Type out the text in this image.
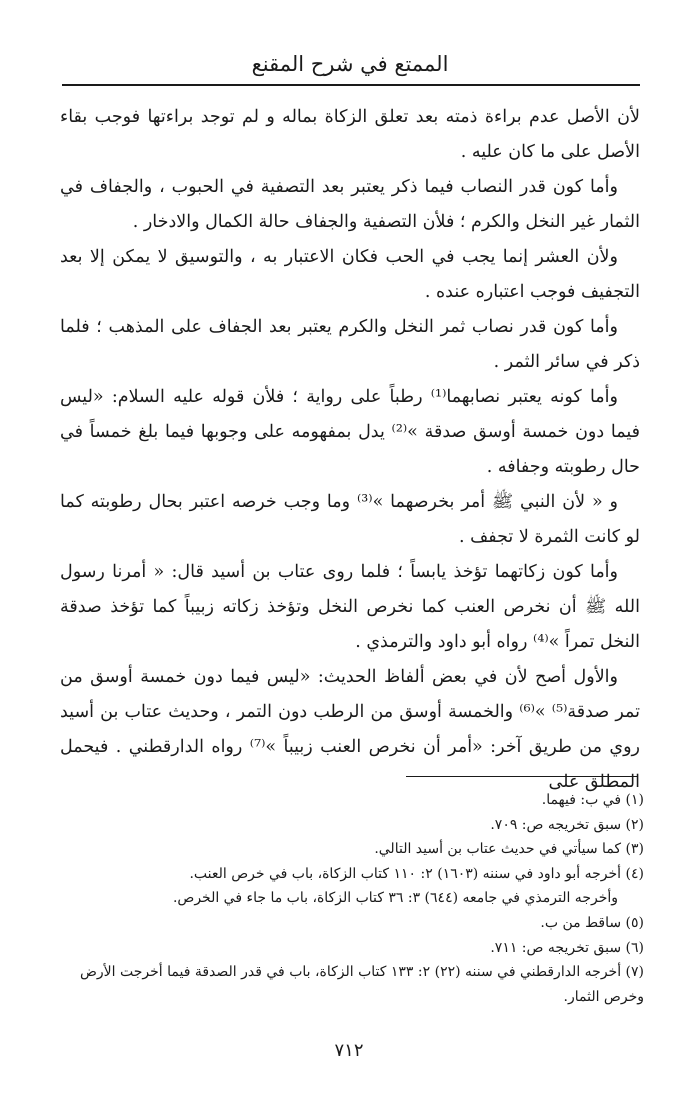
الممتع في شرح المقنع

لأن الأصل عدم براءة ذمته بعد تعلق الزكاة بماله و لم توجد براءتها فوجب بقاء الأصل على ما كان عليه .

وأما كون قدر النصاب فيما ذكر يعتبر بعد التصفية في الحبوب ، والجفاف في الثمار غير النخل والكرم ؛ فلأن التصفية والجفاف حالة الكمال والادخار .

ولأن العشر إنما يجب في الحب فكان الاعتبار به ، والتوسيق لا يمكن إلا بعد التجفيف فوجب اعتباره عنده .

وأما كون قدر نصاب ثمر النخل والكرم يعتبر بعد الجفاف على المذهب ؛ فلما ذكر في سائر الثمر .

وأما كونه يعتبر نصابهما⁽¹⁾ رطباً على رواية ؛ فلأن قوله عليه السلام: «ليس فيما دون خمسة أوسق صدقة »⁽²⁾ يدل بمفهومه على وجوبها فيما بلغ خمساً في حال رطوبته وجفافه .

و « لأن النبي ﷺ أمر بخرصهما »⁽³⁾ وما وجب خرصه اعتبر بحال رطوبته كما لو كانت الثمرة لا تجفف .

وأما كون زكاتهما تؤخذ يابساً ؛ فلما روى عتاب بن أسيد قال: « أمرنا رسول الله ﷺ أن نخرص العنب كما نخرص النخل وتؤخذ زكاته زبيباً كما تؤخذ صدقة النخل تمراً »⁽⁴⁾ رواه أبو داود والترمذي .

والأول أصح لأن في بعض ألفاظ الحديث: «ليس فيما دون خمسة أوسق من تمر صدقة⁽⁵⁾ »⁽⁶⁾ والخمسة أوسق من الرطب دون التمر ، وحديث عتاب بن أسيد روي من طريق آخر: «أمر أن نخرص العنب زبيباً »⁽⁷⁾ رواه الدارقطني . فيحمل المطلق على

(١) في ب: فيهما.
(٢) سبق تخريجه ص: ٧٠٩.
(٣) كما سيأتي في حديث عتاب بن أسيد التالي.
(٤) أخرجه أبو داود في سننه (١٦٠٣) ٢: ١١٠ كتاب الزكاة، باب في خرص العنب.
وأخرجه الترمذي في جامعه (٦٤٤) ٣: ٣٦ كتاب الزكاة، باب ما جاء في الخرص.
(٥) ساقط من ب.
(٦) سبق تخريجه ص: ٧١١.
(٧) أخرجه الدارقطني في سننه (٢٢) ٢: ١٣٣ كتاب الزكاة، باب في قدر الصدقة فيما أخرجت الأرض وخرص الثمار.
٧١٢
